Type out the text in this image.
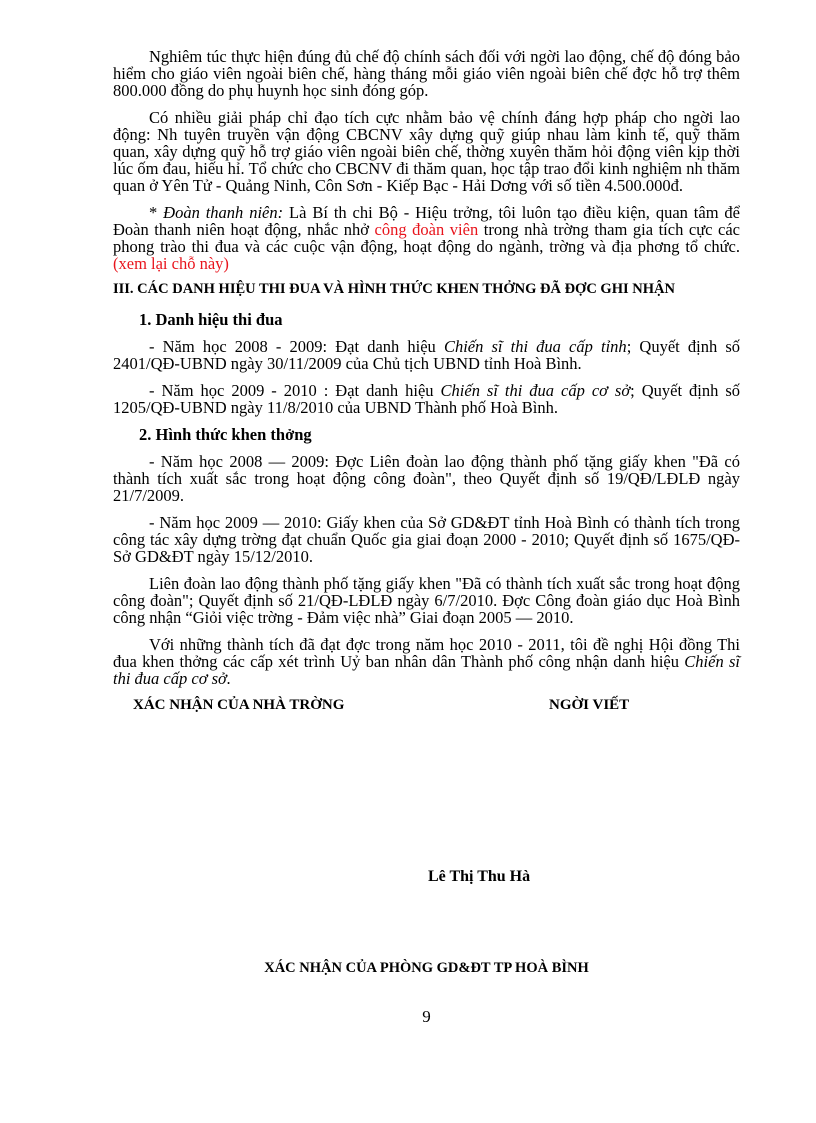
Nghiêm túc thực hiện đúng đủ chế độ chính sách đối với ngời lao động, chế độ đóng bảo hiểm cho giáo viên ngoài biên chế, hàng tháng mỗi giáo viên ngoài biên chế đợc hỗ trợ thêm 800.000 đồng do phụ huynh học sinh đóng góp.

Có nhiều giải pháp chỉ đạo tích cực nhằm bảo vệ chính đáng hợp pháp cho ngời lao động: Nh tuyên truyền vận động CBCNV xây dựng quỹ giúp nhau làm kinh tế, quỹ thăm quan, xây dựng quỹ hỗ trợ giáo viên ngoài biên chế, thờng xuyên thăm hỏi động viên kịp thời lúc ốm đau, hiếu hỉ. Tổ chức cho CBCNV đi thăm quan, học tập trao đổi kinh nghiệm nh thăm quan ở Yên Tử - Quảng Ninh, Côn Sơn - Kiếp Bạc - Hải Dơng với số tiền 4.500.000đ.

* Đoàn thanh niên: Là Bí th chi Bộ - Hiệu trởng, tôi luôn tạo điều kiện, quan tâm để Đoàn thanh niên hoạt động, nhắc nhở công đoàn viên trong nhà trờng tham gia tích cực các phong trào thi đua và các cuộc vận động, hoạt động do ngành, trờng và địa phơng tổ chức. (xem lại chỗ này)

III. CÁC DANH HIỆU THI ĐUA VÀ HÌNH THỨC KHEN THỞNG ĐÃ ĐỢC GHI NHẬN
1. Danh hiệu thi đua

- Năm học 2008 - 2009: Đạt danh hiệu Chiến sĩ thi đua cấp tỉnh; Quyết định số 2401/QĐ-UBND ngày 30/11/2009 của Chủ tịch UBND tỉnh Hoà Bình.

- Năm học 2009 - 2010 : Đạt danh hiệu Chiến sĩ thi đua cấp cơ sở; Quyết định số 1205/QĐ-UBND ngày 11/8/2010 của UBND Thành phố Hoà Bình.

2. Hình thức khen thởng

- Năm học 2008 — 2009: Đợc Liên đoàn lao động thành phố tặng giấy khen "Đã có thành tích xuất sắc trong hoạt động công đoàn", theo Quyết định số 19/QĐ/LĐLĐ ngày 21/7/2009.

- Năm học 2009 — 2010: Giấy khen của Sở GD&ĐT tỉnh Hoà Bình có thành tích trong công tác xây dựng trờng đạt chuẩn Quốc gia giai đoạn 2000 - 2010; Quyết định số 1675/QĐ-Sở GD&ĐT ngày 15/12/2010.

Liên đoàn lao động thành phố tặng giấy khen "Đã có thành tích xuất sắc trong hoạt động công đoàn"; Quyết định số 21/QĐ-LĐLĐ ngày 6/7/2010. Đợc Công đoàn giáo dục Hoà Bình công nhận “Giỏi việc trờng - Đảm việc nhà” Giai đoạn 2005 — 2010.

Với những thành tích đã đạt đợc trong năm học 2010 - 2011, tôi đề nghị Hội đồng Thi đua khen thởng các cấp xét trình Uỷ ban nhân dân Thành phố công nhận danh hiệu Chiến sĩ thi đua cấp cơ sở.

XÁC NHẬN CỦA NHÀ TRỜNG	NGỜI VIẾT
Lê Thị Thu Hà
XÁC NHẬN CỦA PHÒNG GD&ĐT TP HOÀ BÌNH
9
